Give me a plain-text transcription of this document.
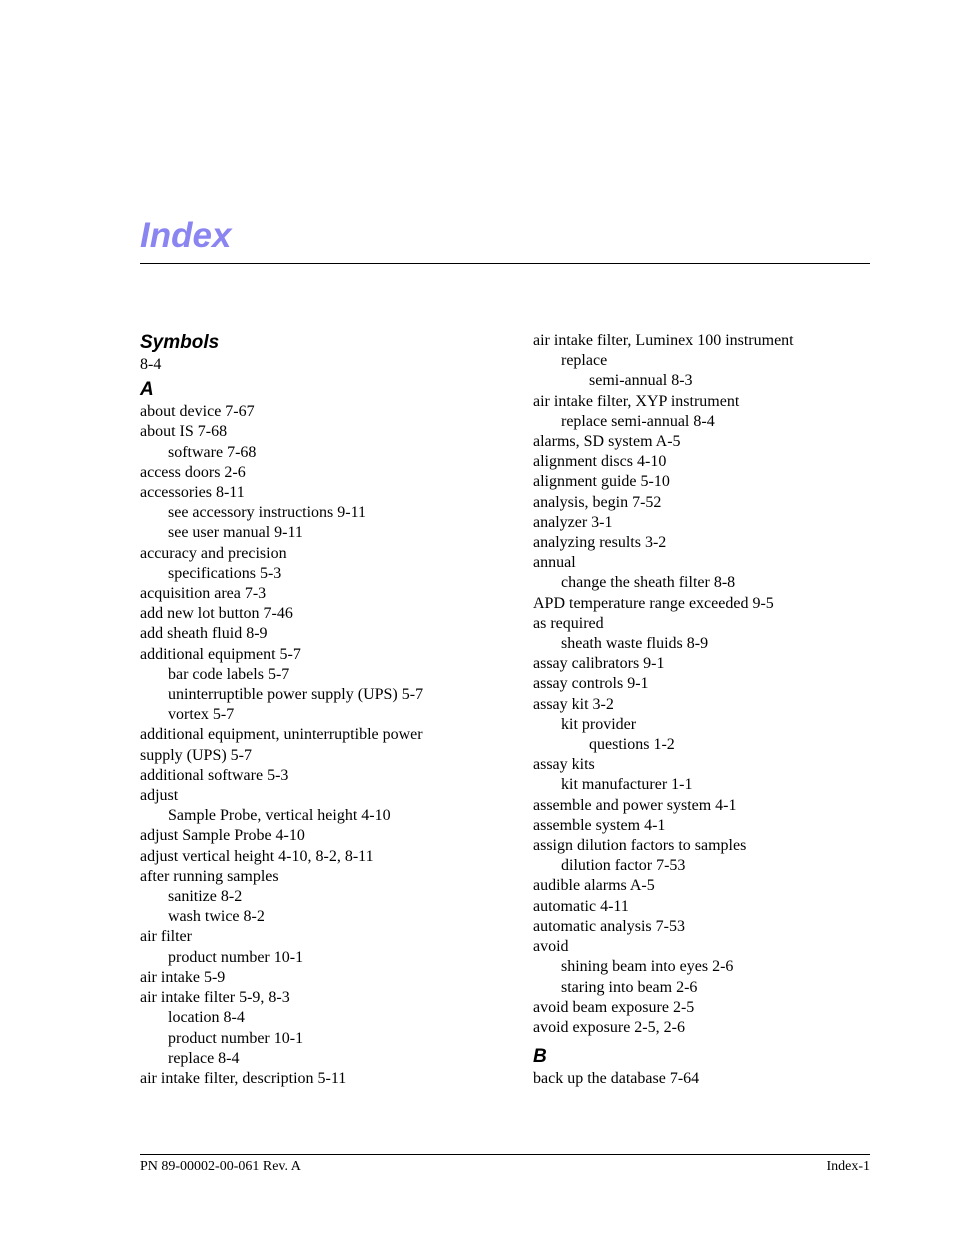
Index
Symbols
8-4
A
about device 7-67
about IS 7-68
software 7-68
access doors 2-6
accessories 8-11
see accessory instructions 9-11
see user manual 9-11
accuracy and precision
specifications 5-3
acquisition area 7-3
add new lot button 7-46
add sheath fluid 8-9
additional equipment 5-7
bar code labels 5-7
uninterruptible power supply (UPS) 5-7
vortex 5-7
additional equipment, uninterruptible power
supply (UPS) 5-7
additional software 5-3
adjust
Sample Probe, vertical height 4-10
adjust Sample Probe 4-10
adjust vertical height 4-10, 8-2, 8-11
after running samples
sanitize 8-2
wash twice 8-2
air filter
product number 10-1
air intake 5-9
air intake filter 5-9, 8-3
location 8-4
product number 10-1
replace 8-4
air intake filter, description 5-11
air intake filter, Luminex 100 instrument
replace
semi-annual 8-3
air intake filter, XYP instrument
replace semi-annual 8-4
alarms, SD system A-5
alignment discs 4-10
alignment guide 5-10
analysis, begin 7-52
analyzer 3-1
analyzing results 3-2
annual
change the sheath filter 8-8
APD temperature range exceeded 9-5
as required
sheath waste fluids 8-9
assay calibrators 9-1
assay controls 9-1
assay kit 3-2
kit provider
questions 1-2
assay kits
kit manufacturer 1-1
assemble and power system 4-1
assemble system 4-1
assign dilution factors to samples
dilution factor 7-53
audible alarms A-5
automatic 4-11
automatic analysis 7-53
avoid
shining beam into eyes 2-6
staring into beam 2-6
avoid beam exposure 2-5
avoid exposure 2-5, 2-6
B
back up the database 7-64
PN 89-00002-00-061 Rev. A	Index-1
